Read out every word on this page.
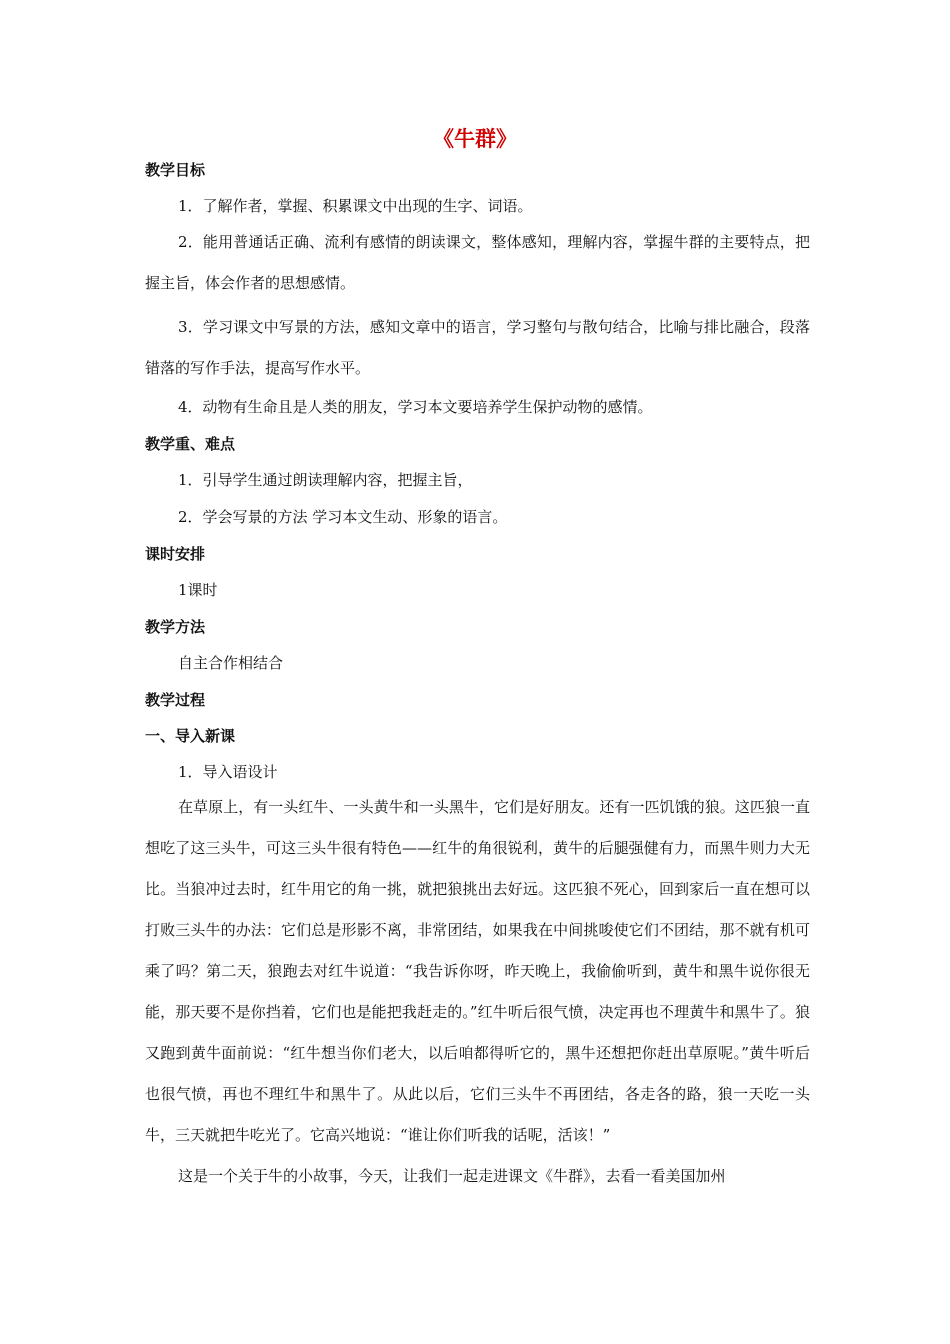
《牛群》

教学目标

1．了解作者，掌握、积累课文中出现的生字、词语。

2．能用普通话正确、流利有感情的朗读课文，整体感知，理解内容，掌握牛群的主要特点，把握主旨，体会作者的思想感情。

3．学习课文中写景的方法，感知文章中的语言，学习整句与散句结合，比喻与排比融合，段落错落的写作手法，提高写作水平。

4．动物有生命且是人类的朋友，学习本文要培养学生保护动物的感情。

教学重、难点

1．引导学生通过朗读理解内容，把握主旨，

2．学会写景的方法 学习本文生动、形象的语言。

课时安排

1课时

教学方法

自主合作相结合

教学过程

一、导入新课

1．导入语设计

在草原上，有一头红牛、一头黄牛和一头黑牛，它们是好朋友。还有一匹饥饿的狼。这匹狼一直想吃了这三头牛，可这三头牛很有特色——红牛的角很锐利，黄牛的后腿强健有力，而黑牛则力大无比。当狼冲过去时，红牛用它的角一挑，就把狼挑出去好远。这匹狼不死心，回到家后一直在想可以打败三头牛的办法：它们总是形影不离，非常团结，如果我在中间挑唆使它们不团结，那不就有机可乘了吗？第二天，狼跑去对红牛说道：“我告诉你呀，昨天晚上，我偷偷听到，黄牛和黑牛说你很无能，那天要不是你挡着，它们也是能把我赶走的。”红牛听后很气愤，决定再也不理黄牛和黑牛了。狼又跑到黄牛面前说：“红牛想当你们老大，以后咱都得听它的，黑牛还想把你赶出草原呢。”黄牛听后也很气愤，再也不理红牛和黑牛了。从此以后，它们三头牛不再团结，各走各的路，狼一天吃一头牛，三天就把牛吃光了。它高兴地说：“谁让你们听我的话呢，活该！”

这是一个关于牛的小故事，今天，让我们一起走进课文《牛群》，去看一看美国加州
